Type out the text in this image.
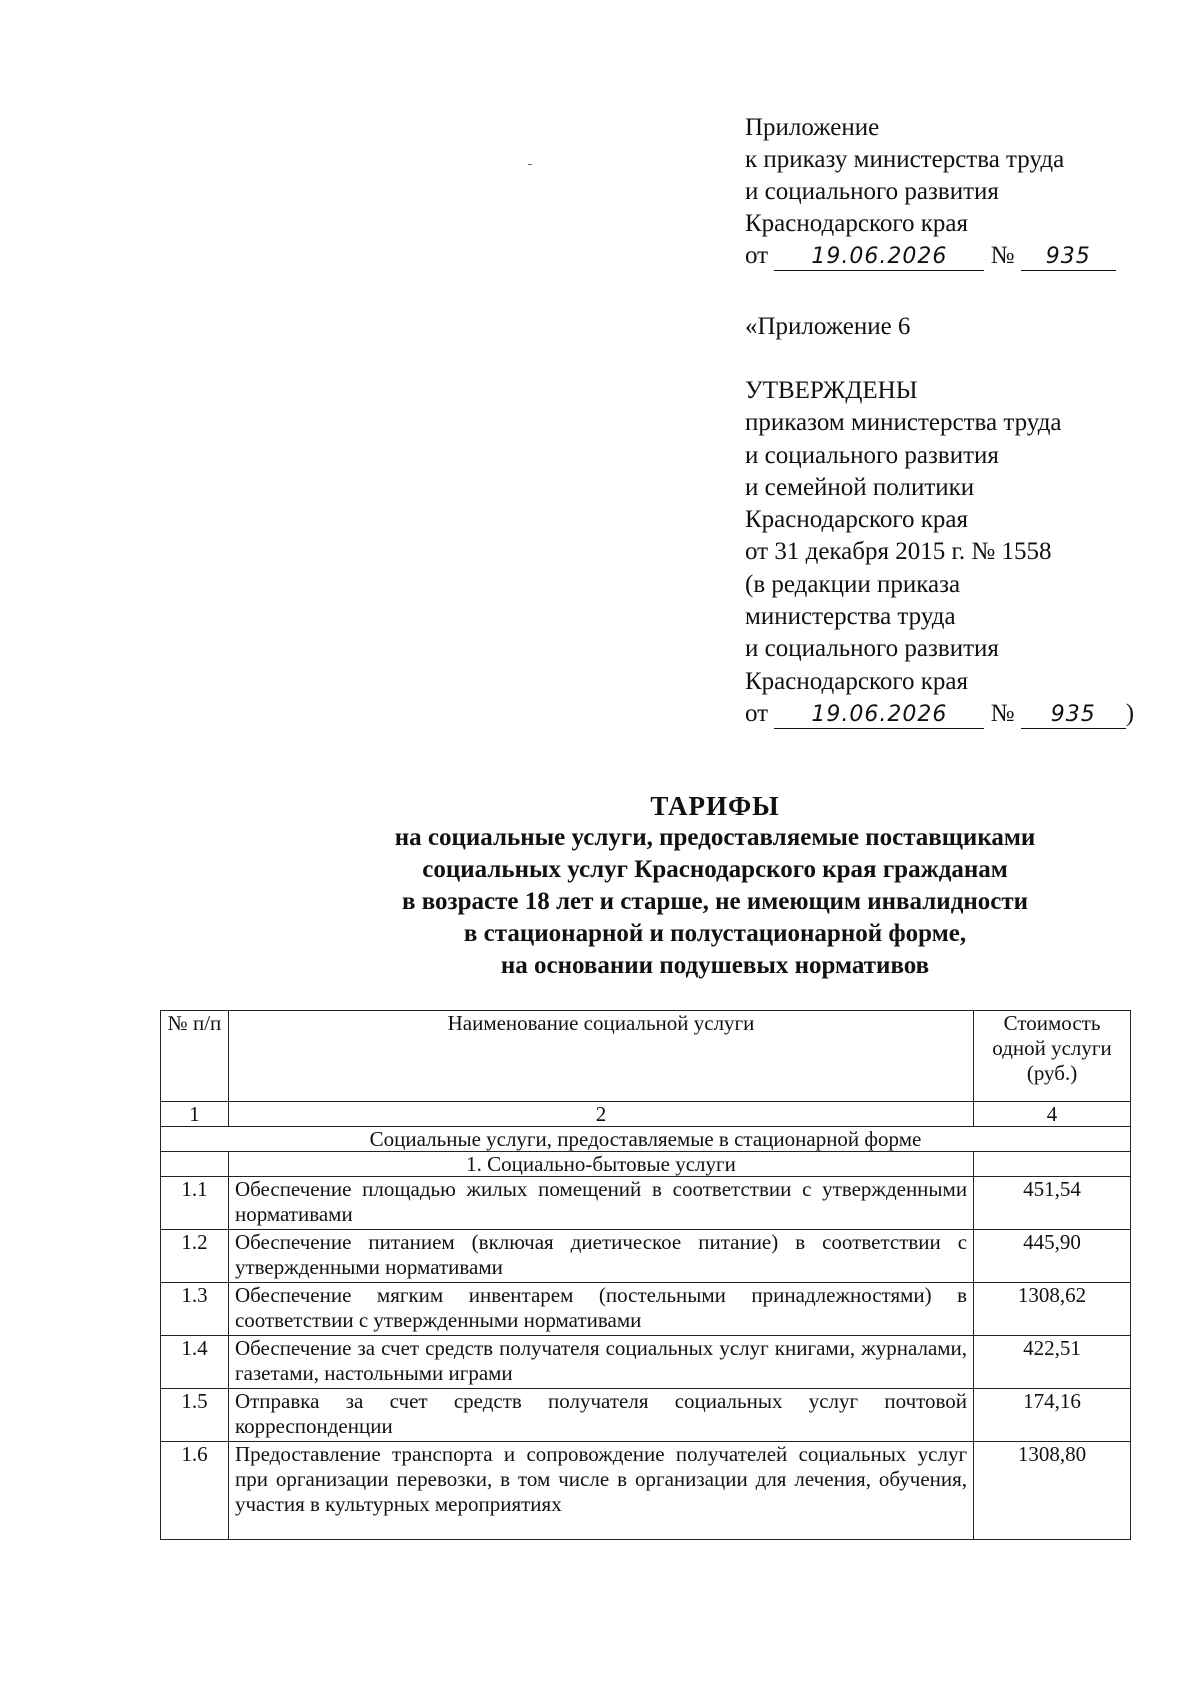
Приложение
к приказу министерства труда
и социального развития
Краснодарского края
от 19.06.2026 № 935
«Приложение 6
УТВЕРЖДЕНЫ
приказом министерства труда
и социального развития
и семейной политики
Краснодарского края
от 31 декабря 2015 г. № 1558
(в редакции приказа
министерства труда
и социального развития
Краснодарского края
от 19.06.2026 № 935 )
ТАРИФЫ
на социальные услуги, предоставляемые поставщиками
социальных услуг Краснодарского края гражданам
в возрасте 18 лет и старше, не имеющим инвалидности
в стационарной и полустационарной форме,
на основании подушевых нормативов
№ п/п	Наименование социальной услуги	Стоимость одной услуги (руб.)
1	2	4
Социальные услуги, предоставляемые в стационарной форме		
	1. Социально-бытовые услуги	
1.1	Обеспечение площадью жилых помещений в соответствии с утвержденными нормативами	451,54
1.2	Обеспечение питанием (включая диетическое питание) в соответствии с утвержденными нормативами	445,90
1.3	Обеспечение мягким инвентарем (постельными принадлежностями) в соответствии с утвержденными нормативами	1308,62
1.4	Обеспечение за счет средств получателя социальных услуг книгами, журналами, газетами, настольными играми	422,51
1.5	Отправка за счет средств получателя социальных услуг почтовой корреспонденции	174,16
1.6	Предоставление транспорта и сопровождение получателей социальных услуг при организации перевозки, в том числе в организации для лечения, обучения, участия в культурных мероприятиях	1308,80
